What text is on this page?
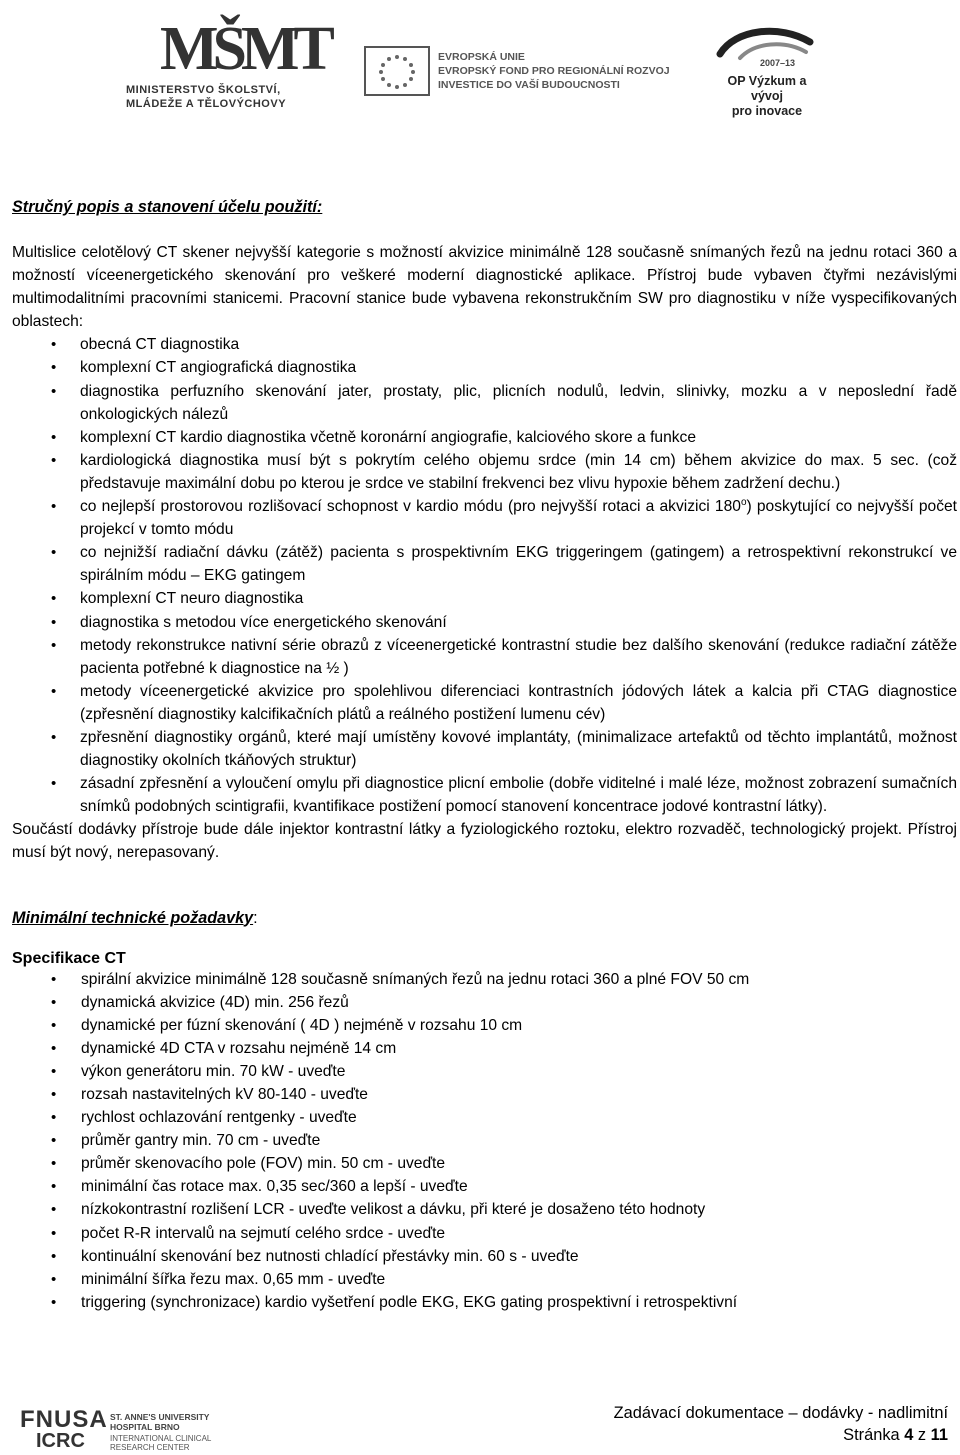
MŠMT
MINISTERSTVO ŠKOLSTVÍ,
MLÁDEŽE A TĚLOVÝCHOVY
EVROPSKÁ UNIE
EVROPSKÝ FOND PRO REGIONÁLNÍ ROZVOJ
INVESTICE DO VAŠÍ BUDOUCNOSTI
2007–13
OP Výzkum a vývoj
pro inovace

Stručný popis a stanovení účelu použití:

Multislice celotělový CT skener nejvyšší kategorie s možností akvizice minimálně 128 současně snímaných řezů na jednu rotaci 360 a možností víceenergetického skenování pro veškeré moderní diagnostické aplikace. Přístroj bude vybaven čtyřmi nezávislými multimodalitními pracovními stanicemi. Pracovní stanice bude vybavena rekonstrukčním SW pro diagnostiku v níže vyspecifikovaných oblastech:

• obecná CT diagnostika
• komplexní CT angiografická diagnostika
• diagnostika perfuzního skenování jater, prostaty, plic, plicních nodulů, ledvin, slinivky, mozku a v neposlední řadě onkologických nálezů
• komplexní CT kardio diagnostika včetně koronární angiografie, kalciového skore a funkce
• kardiologická diagnostika musí být s pokrytím celého objemu srdce (min 14 cm) během akvizice do max. 5 sec. (což představuje maximální dobu po kterou je srdce ve stabilní frekvenci bez vlivu hypoxie během zadržení dechu.)
• co nejlepší prostorovou rozlišovací schopnost v kardio módu (pro nejvyšší rotaci a akvizici 180$^o$) poskytující co nejvyšší počet projekcí v tomto módu
• co nejnižší radiační dávku (zátěž) pacienta s prospektivním EKG triggeringem (gatingem) a retrospektivní rekonstrukcí ve spirálním módu – EKG gatingem
• komplexní CT neuro diagnostika
• diagnostika s metodou více energetického skenování
• metody rekonstrukce nativní série obrazů z víceenergetické kontrastní studie bez dalšího skenování (redukce radiační zátěže pacienta potřebné k diagnostice na ½ )
• metody víceenergetické akvizice pro spolehlivou diferenciaci kontrastních jódových látek a kalcia při CTAG diagnostice (zpřesnění diagnostiky kalcifikačních plátů a reálného postižení lumenu cév)
• zpřesnění diagnostiky orgánů, které mají umístěny kovové implantáty, (minimalizace artefaktů od těchto implantátů, možnost diagnostiky okolních tkáňových struktur)
• zásadní zpřesnění a vyloučení omylu při diagnostice plicní embolie (dobře viditelné i malé léze, možnost zobrazení sumačních snímků podobných scintigrafii, kvantifikace postižení pomocí stanovení koncentrace jodové kontrastní látky).

Součástí dodávky přístroje bude dále injektor kontrastní látky a fyziologického roztoku, elektro rozvaděč, technologický projekt. Přístroj musí být nový, nerepasovaný.

Minimální technické požadavky:

Specifikace CT

• spirální akvizice minimálně 128 současně snímaných řezů na jednu rotaci 360 a plné FOV 50 cm
• dynamická akvizice (4D) min. 256 řezů
• dynamické per fúzní skenování ( 4D ) nejméně v rozsahu 10 cm
• dynamické 4D CTA v rozsahu nejméně 14 cm
• výkon generátoru min. 70 kW - uveďte
• rozsah nastavitelných kV 80-140 - uveďte
• rychlost ochlazování rentgenky - uveďte
• průměr gantry min. 70 cm - uveďte
• průměr skenovacího pole (FOV) min. 50 cm - uveďte
• minimální čas rotace max. 0,35 sec/360 a lepší - uveďte
• nízkokontrastní rozlišení LCR - uveďte velikost a dávku, při které je dosaženo této hodnoty
• počet R-R intervalů na sejmutí celého srdce - uveďte
• kontinuální skenování bez nutnosti chladící přestávky min. 60 s - uveďte
• minimální šířka řezu max. 0,65 mm - uveďte
• triggering (synchronizace) kardio vyšetření podle EKG, EKG gating prospektivní i retrospektivní
FNUSA
ICRC
ST. ANNE'S UNIVERSITY
HOSPITAL BRNO
INTERNATIONAL CLINICAL
RESEARCH CENTER
Zadávací dokumentace – dodávky - nadlimitní
Stránka 4 z 11
